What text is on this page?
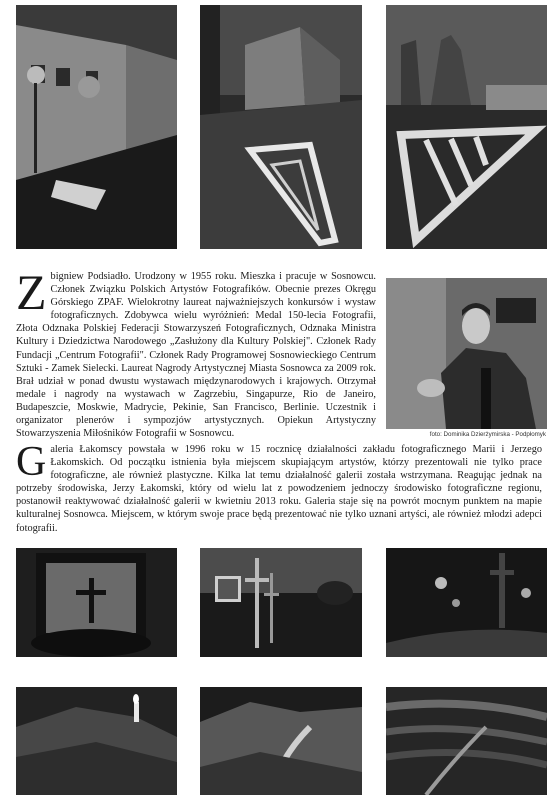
Zbigniew Podsiadło. Urodzony w 1955 roku. Mieszka i pracuje w Sosnowcu. Członek Związku Polskich Artystów Fotografików. Obecnie prezes Okręgu Górskiego ZPAF. Wielokrotny laureat najważniejszych konkursów i wystaw fotograficznych. Zdobywca wielu wyróżnień: Medal 150-lecia Fotografii, Złota Odznaka Polskiej Federacji Stowarzyszeń Fotograficznych, Odznaka Ministra Kultury i Dziedzictwa Narodowego „Zasłużony dla Kultury Polskiej". Członek Rady Fundacji „Centrum Fotografii". Członek Rady Programowej Sosnowieckiego Centrum Sztuki - Zamek Sielecki. Laureat Nagrody Artystycznej Miasta Sosnowca za 2009 rok. Brał udział w ponad dwustu wystawach międzynarodowych i krajowych. Otrzymał medale i nagrody na wystawach w Zagrzebiu, Singapurze, Rio de Janeiro, Budapeszcie, Moskwie, Madrycie, Pekinie, San Francisco, Berlinie. Uczestnik i organizator plenerów i sympozjów artystycznych. Opiekun Artystyczny Stowarzyszenia Miłośników Fotografii w Sosnowcu.	foto: Dominika Dzierżymirska - Podpłomyk

Galeria Łakomscy powstała w 1996 roku w 15 rocznicę działalności zakładu fotograficznego Marii i Jerzego Łakomskich. Od początku istnienia była miejscem skupiającym artystów, którzy prezentowali nie tylko prace fotograficzne, ale również plastyczne. Kilka lat temu działalność galerii została wstrzymana. Reagując jednak na potrzeby środowiska, Jerzy Łakomski, który od wielu lat z powodzeniem jednoczy środowisko fotograficzne regionu, postanowił reaktywować działalność galerii w kwietniu 2013 roku. Galeria staje się na powrót mocnym punktem na mapie kulturalnej Sosnowca. Miejscem, w którym swoje prace będą prezentować nie tylko uznani artyści, ale również młodzi adepci fotografii.
